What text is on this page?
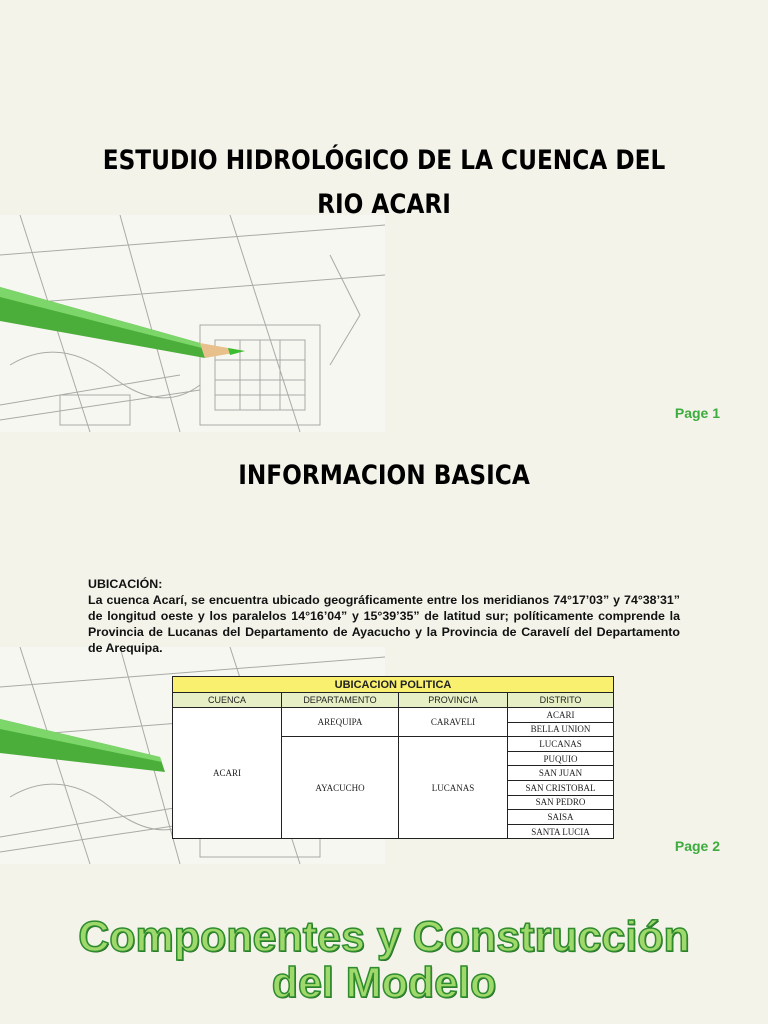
ESTUDIO HIDROLÓGICO DE LA CUENCA DEL RIO ACARI
Page 1
INFORMACION BASICA
UBICACIÓN:
La cuenca Acarí, se encuentra ubicado geográficamente entre los meridianos 74°17’03” y 74°38’31” de longitud oeste y los paralelos 14°16’04” y 15°39’35” de latitud sur; políticamente comprende la Provincia de Lucanas del Departamento de Ayacucho y la Provincia de Caravelí del Departamento de Arequipa.
UBICACION POLITICA			
CUENCA	DEPARTAMENTO	PROVINCIA	DISTRITO
ACARI	AREQUIPA	CARAVELI	ACARI
			BELLA UNION
	AYACUCHO	LUCANAS	LUCANAS
			PUQUIO
			SAN JUAN
			SAN CRISTOBAL
			SAN PEDRO
			SAISA
			SANTA LUCIA
Page 2
Componentes y Construcción
del Modelo
